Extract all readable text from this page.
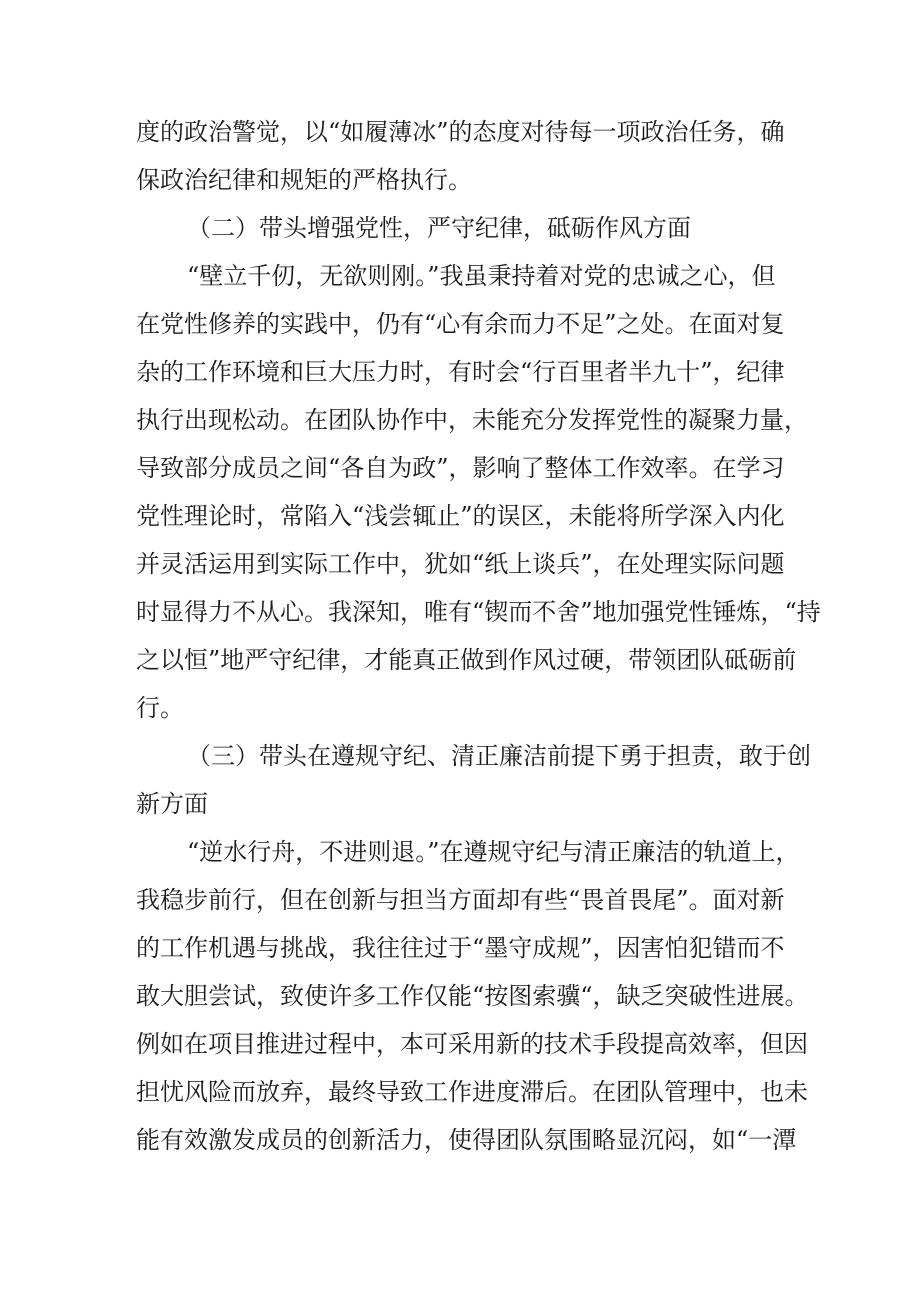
度的政治警觉，以“如履薄冰”的态度对待每一项政治任务，确
保政治纪律和规矩的严格执行。
（二）带头增强党性，严守纪律，砥砺作风方面
“壁立千仞，无欲则刚。”我虽秉持着对党的忠诚之心，但
在党性修养的实践中，仍有“心有余而力不足”之处。在面对复
杂的工作环境和巨大压力时，有时会“行百里者半九十”，纪律
执行出现松动。在团队协作中，未能充分发挥党性的凝聚力量，
导致部分成员之间“各自为政”，影响了整体工作效率。在学习
党性理论时，常陷入“浅尝辄止”的误区，未能将所学深入内化
并灵活运用到实际工作中，犹如“纸上谈兵”，在处理实际问题
时显得力不从心。我深知，唯有“锲而不舍”地加强党性锤炼，“持
之以恒”地严守纪律，才能真正做到作风过硬，带领团队砥砺前
行。
（三）带头在遵规守纪、清正廉洁前提下勇于担责，敢于创
新方面
“逆水行舟，不进则退。”在遵规守纪与清正廉洁的轨道上，
我稳步前行，但在创新与担当方面却有些“畏首畏尾”。面对新
的工作机遇与挑战，我往往过于“墨守成规”，因害怕犯错而不
敢大胆尝试，致使许多工作仅能“按图索骥“，缺乏突破性进展。
例如在项目推进过程中，本可采用新的技术手段提高效率，但因
担忧风险而放弃，最终导致工作进度滞后。在团队管理中，也未
能有效激发成员的创新活力，使得团队氛围略显沉闷，如“一潭
